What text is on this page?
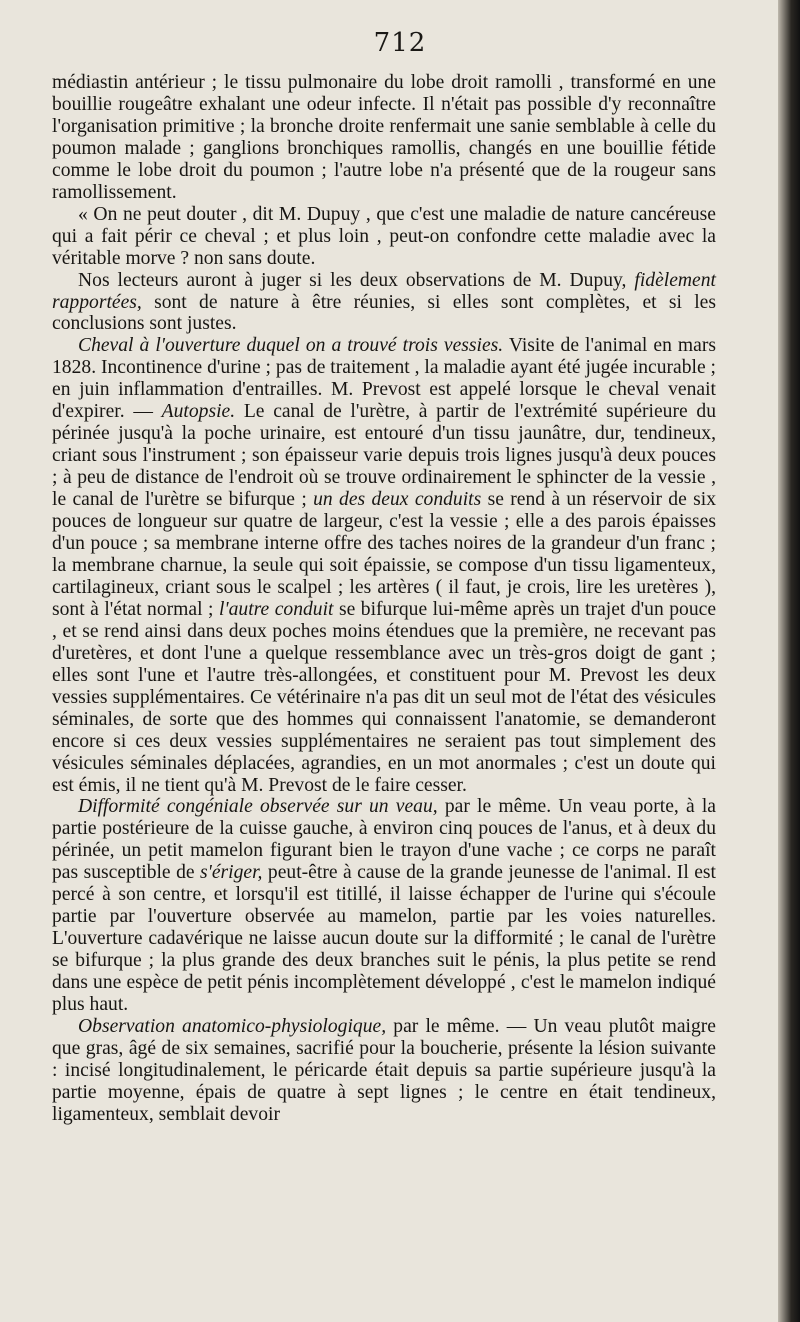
712

médiastin antérieur ; le tissu pulmonaire du lobe droit ramolli , transformé en une bouillie rougeâtre exhalant une odeur infecte. Il n'était pas possible d'y reconnaître l'organisation primitive ; la bronche droite renfermait une sanie semblable à celle du poumon malade ; ganglions bronchiques ramollis, changés en une bouillie fétide comme le lobe droit du poumon ; l'autre lobe n'a présenté que de la rougeur sans ramollissement.

« On ne peut douter , dit M. Dupuy , que c'est une maladie de nature cancéreuse qui a fait périr ce cheval ; et plus loin , peut-on confondre cette maladie avec la véritable morve ? non sans doute.

Nos lecteurs auront à juger si les deux observations de M. Dupuy, fidèlement rapportées, sont de nature à être réunies, si elles sont complètes, et si les conclusions sont justes.

Cheval à l'ouverture duquel on a trouvé trois vessies. Visite de l'animal en mars 1828. Incontinence d'urine ; pas de traitement , la maladie ayant été jugée incurable ; en juin inflammation d'entrailles. M. Prevost est appelé lorsque le cheval venait d'expirer. — Autopsie. Le canal de l'urètre, à partir de l'extrémité supérieure du périnée jusqu'à la poche urinaire, est entouré d'un tissu jaunâtre, dur, tendineux, criant sous l'instrument ; son épaisseur varie depuis trois lignes jusqu'à deux pouces ; à peu de distance de l'endroit où se trouve ordinairement le sphincter de la vessie , le canal de l'urètre se bifurque ; un des deux conduits se rend à un réservoir de six pouces de longueur sur quatre de largeur, c'est la vessie ; elle a des parois épaisses d'un pouce ; sa membrane interne offre des taches noires de la grandeur d'un franc ; la membrane charnue, la seule qui soit épaissie, se compose d'un tissu ligamenteux, cartilagineux, criant sous le scalpel ; les artères ( il faut, je crois, lire les uretères ), sont à l'état normal ; l'autre conduit se bifurque lui-même après un trajet d'un pouce , et se rend ainsi dans deux poches moins étendues que la première, ne recevant pas d'uretères, et dont l'une a quelque ressemblance avec un très-gros doigt de gant ; elles sont l'une et l'autre très-allongées, et constituent pour M. Prevost les deux vessies supplémentaires. Ce vétérinaire n'a pas dit un seul mot de l'état des vésicules séminales, de sorte que des hommes qui connaissent l'anatomie, se demanderont encore si ces deux vessies supplémentaires ne seraient pas tout simplement des vésicules séminales déplacées, agrandies, en un mot anormales ; c'est un doute qui est émis, il ne tient qu'à M. Prevost de le faire cesser.

Difformité congéniale observée sur un veau, par le même. Un veau porte, à la partie postérieure de la cuisse gauche, à environ cinq pouces de l'anus, et à deux du périnée, un petit mamelon figurant bien le trayon d'une vache ; ce corps ne paraît pas susceptible de s'ériger, peut-être à cause de la grande jeunesse de l'animal. Il est percé à son centre, et lorsqu'il est titillé, il laisse échapper de l'urine qui s'écoule partie par l'ouverture observée au mamelon, partie par les voies naturelles. L'ouverture cadavérique ne laisse aucun doute sur la difformité ; le canal de l'urètre se bifurque ; la plus grande des deux branches suit le pénis, la plus petite se rend dans une espèce de petit pénis incomplètement développé , c'est le mamelon indiqué plus haut.

Observation anatomico-physiologique, par le même. — Un veau plutôt maigre que gras, âgé de six semaines, sacrifié pour la boucherie, présente la lésion suivante : incisé longitudinalement, le péricarde était depuis sa partie supérieure jusqu'à la partie moyenne, épais de quatre à sept lignes ; le centre en était tendineux, ligamenteux, semblait devoir
